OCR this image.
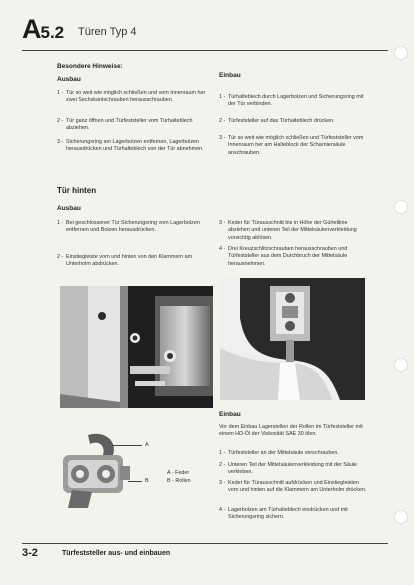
A5.2 Türen Typ 4
Besondere Hinweise:
Ausbau
1 - Tür so weit wie möglich schließen und vom Innenraum her zwei Sechskantschrauben herausschrauben.
2 - Tür ganz öffnen und Türfeststeller vom Türhalteblech abziehen.
3 - Sicherungsring am Lagerbolzen entfernen, Lagerbolzen herausdrücken und Türhalteblech von der Tür abnehmen.
Einbau
1 - Türhalteblech durch Lagerbolzen und Sicherungsring mit der Tür verbinden.
2 - Türfeststeller auf das Türhalteblech drücken.
3 - Tür so weit wie möglich schließen und Türfeststeller vom Innenraum her am Halteblock der Scharniersäule anschrauben.
Tür hinten
Ausbau
1 - Bei geschlossener Tür Sicherungsring vom Lagerbolzen entfernen und Bolzen herausdrücken.
2 - Einstiegleiste vorn und hinten von den Klammern am Unterholm abdrücken.
3 - Keder für Türausschnitt bis in Höhe der Gürtellinie abziehen und unteren Teil der Mittelsäulenverkleidung vorsichtig ablösen.
4 - Drei Kreuzschlitzschrauben herausschrauben und Türfeststeller aus dem Durchbruch der Mittelsäule herausnehmen.
A
B
A - Feder
B - Rollen
Einbau
Vor dem Einbau Lagerstellen der Rollen im Türfeststeller mit einem HD-Öl der Viskosität SAE 30 ölen.
1 - Türfeststeller an der Mittelsäule verschrauben.
2 - Unteren Teil der Mittelsäulenverkleidung mit der Säule verkleben.
3 - Keder für Türausschnitt aufdrücken und Einstiegleisten vorn und hinten auf die Klammern am Unterholm drücken.
4 - Lagerbolzen am Türhalteblech eindrücken und mit Sicherungsring sichern.
3-2	Türfeststeller aus- und einbauen
